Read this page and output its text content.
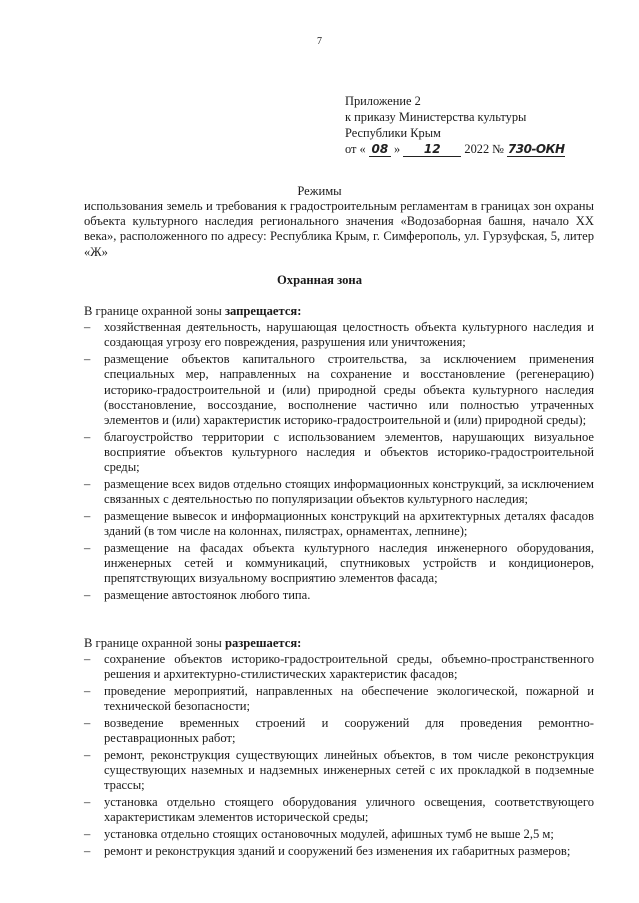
7
Приложение 2
к приказу Министерства культуры
Республики Крым
от « 08 » 12 2022 № 730-ОКН
Режимы
использования земель и требования к градостроительным регламентам в границах зон охраны объекта культурного наследия регионального значения «Водозаборная башня, начало XX века», расположенного по адресу: Республика Крым, г. Симферополь, ул. Гурзуфская, 5, литер «Ж»
Охранная зона

В границе охранной зоны запрещается:

– хозяйственная деятельность, нарушающая целостность объекта культурного наследия и создающая угрозу его повреждения, разрушения или уничтожения;
– размещение объектов капитального строительства, за исключением применения специальных мер, направленных на сохранение и восстановление (регенерацию) историко-градостроительной и (или) природной среды объекта культурного наследия (восстановление, воссоздание, восполнение частично или полностью утраченных элементов и (или) характеристик историко-градостроительной и (или) природной среды);
– благоустройство территории с использованием элементов, нарушающих визуальное восприятие объектов культурного наследия и объектов историко-градостроительной среды;
– размещение всех видов отдельно стоящих информационных конструкций, за исключением связанных с деятельностью по популяризации объектов культурного наследия;
– размещение вывесок и информационных конструкций на архитектурных деталях фасадов зданий (в том числе на колоннах, пилястрах, орнаментах, лепнине);
– размещение на фасадах объекта культурного наследия инженерного оборудования, инженерных сетей и коммуникаций, спутниковых устройств и кондиционеров, препятствующих визуальному восприятию элементов фасада;
– размещение автостоянок любого типа.

В границе охранной зоны разрешается:

– сохранение объектов историко-градостроительной среды, объемно-пространственного решения и архитектурно-стилистических характеристик фасадов;
– проведение мероприятий, направленных на обеспечение экологической, пожарной и технической безопасности;
– возведение временных строений и сооружений для проведения ремонтно-реставрационных работ;
– ремонт, реконструкция существующих линейных объектов, в том числе реконструкция существующих наземных и надземных инженерных сетей с их прокладкой в подземные трассы;
– установка отдельно стоящего оборудования уличного освещения, соответствующего характеристикам элементов исторической среды;
– установка отдельно стоящих остановочных модулей, афишных тумб не выше 2,5 м;
– ремонт и реконструкция зданий и сооружений без изменения их габаритных размеров;
